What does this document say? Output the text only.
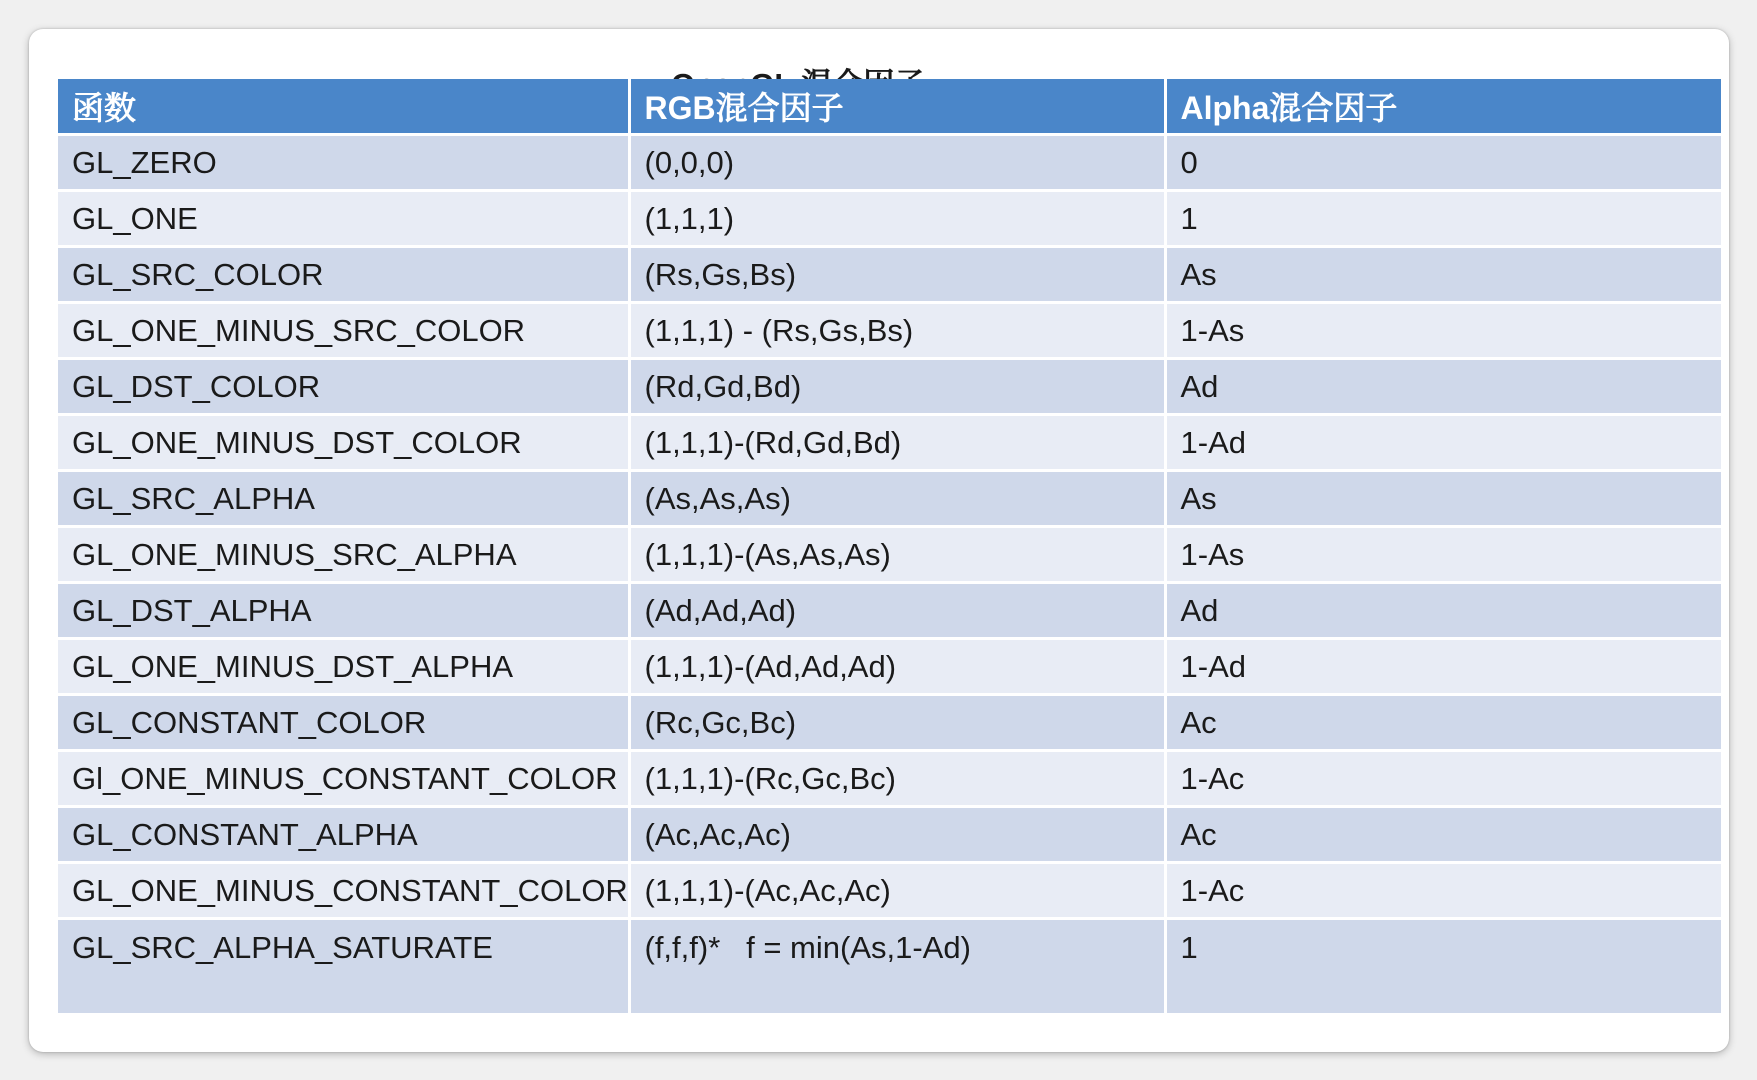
函数	RGB混合因子	Alpha混合因子
GL_ZERO	(0,0,0)	0
GL_ONE	(1,1,1)	1
GL_SRC_COLOR	(Rs,Gs,Bs)	As
GL_ONE_MINUS_SRC_COLOR	(1,1,1) - (Rs,Gs,Bs)	1-As
GL_DST_COLOR	(Rd,Gd,Bd)	Ad
GL_ONE_MINUS_DST_COLOR	(1,1,1)-(Rd,Gd,Bd)	1-Ad
GL_SRC_ALPHA	(As,As,As)	As
GL_ONE_MINUS_SRC_ALPHA	(1,1,1)-(As,As,As)	1-As
GL_DST_ALPHA	(Ad,Ad,Ad)	Ad
GL_ONE_MINUS_DST_ALPHA	(1,1,1)-(Ad,Ad,Ad)	1-Ad
GL_CONSTANT_COLOR	(Rc,Gc,Bc)	Ac
Gl_ONE_MINUS_CONSTANT_COLOR	(1,1,1)-(Rc,Gc,Bc)	1-Ac
GL_CONSTANT_ALPHA	(Ac,Ac,Ac)	Ac
GL_ONE_MINUS_CONSTANT_COLOR	(1,1,1)-(Ac,Ac,Ac)	1-Ac
GL_SRC_ALPHA_SATURATE	(f,f,f)*   f = min(As,1-Ad)	1
